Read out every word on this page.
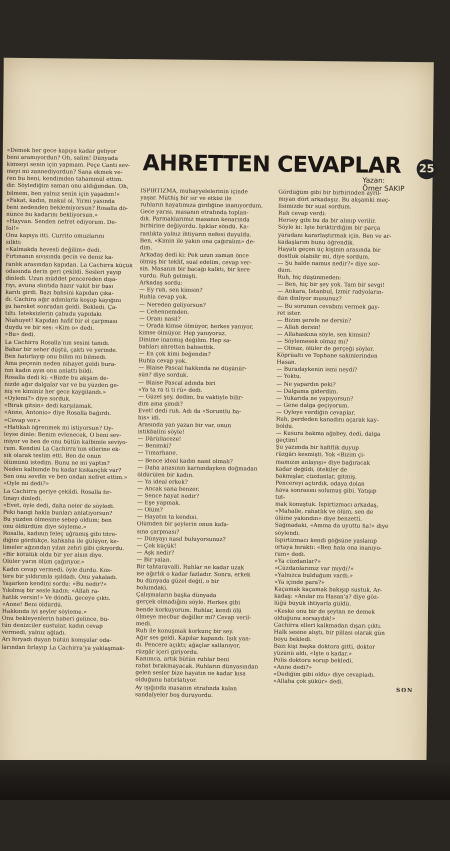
25
AHRETTEN CEVAPLAR
Yazan:
Ömer SAKIP
«Demek her gece kapıya kadar geliyor
beni aramıyordun? Oh, salim! Dünyada
kimseyi senin için yapmam. Peçe Canti sev-
meyi mi zannediyordun? Sana ekmek ve-
ren bu beni, kendimden tahammül ettim.
dir. Söylediğim saman onu aldığımdan. Oh,
bilmem, ben yalnız senin için yaşadım!»
«Fakat, kadın, makul ol. Yirmi yasında
beni nedenden beklemiyorsun? Rosalla dö-
nünce bu kadarını bekliyorsun.»
«Hayvan. Senden nefret ediyorum. De-
fol!»
Onu kapıya itti. Currito omuzlarını
silkti:
«Kalmakda hevesli değilim» dedi.
Fırtınanın sıvısında gecin ve deniz ka-
ranlık arasından kapıdan. La Cachirra küçük
odasında derin geri çekildi. Sesleri yayıp
dinledi. Uzun müddet pencereden dışa-
rıyı, avuna slıntıda hazır vakit bir bası
karıtı girdi. Bazı bahsini kapıdan çıka-
dı. Cachira ağır adımlarla koşup kayığını
şu hareket sonradan geldi. Bekledi. Ça-
tıltı. İsteksizlerin çahudu yapıdakı
Niahuyet! Kapıdan hafif bir el çarpması
duydu ve bir ses: «Kim o» dedi.
«Bu» dedi.
La Cachirra Rosallaʼnın sesini tanıdı.
Bahar bir seher düştü, çaktı ve yerinde.
Ben hatırlayıp onu bilim mi bilmedi.
Ama peçenin neden nihayet geldi bura-
nın kadın ayın onu anlattı bildi.
Rosalla dedi ki: «Bizde bu akşam de-
nizde ağır dalgalar var ve bu yüzden ge-
niş ve kiminiz her gece kaygılandı.»
«Öylemi?» diye sorduk.
«Birak gitsin» dedi karşılamak.
«Anne, Antonio» diye Rosalla bağırdı.
«Cevap ver.»
«Hatikalı öğrenmek mi istiyorsun? Öy-
leyse dinle: Benim evlenecek, O beni sev-
miyor ve ben de onu bütün kalbimle seviyo-
rum. Kendini La Cachirraʼnın ellerine ek-
sik olarak teslim etti. Ben de onun
ölümünü istedim. Bunu ne mi yaptın?
Neden kalbimde bu kadar kıskançlık var?
Sen onu sevdin ve ben ondan nefret ettim.»
«Öyle mi dedi?»
La Cachirra geriye çekildi. Rosalla fır-
tınayı dinledi.
«Evet, öyle dedi, daha neler de söyledi.
Peki hangi hakla bunları anlatıyorsun?
Bu yüzden ölmesine sebep oldum; ben
onu öldürdüm diye söyleme.»
Rosalla, kadının feleç uğramış gibi titre-
diğini gördükçe, kahkaha ile gülüyor, ke-
limeler ağzından yılan zehri gibi çıkıyordu.
«Bir kötülük oldu bir yer alsın diye.
Ölüler yarın ölüm çağırıyor.»
Kadın cevap vermedi, öyle durdu. Kös-
tere bir yıldırımla ışıldadı. Onu yakaladı.
Yaşarken kendini sordu: «Bu nedir?»
Yıkılmış bir sesle kadın: «Allah ra-
hatlık versin!» Ve döndü, geceye çıktı.
«Anne! Beni öldürdü.
Hakkında iyi şeyler söyleme.»
Onu bekleyenlerin haberi gelince, bü-
tün denizciler sustular, kadın cevap
vermedi, yalnız ağladı.
Arı feryadı duyan bütün komşular oda-
larından fırlayıp La Cachirraʼya yaklaşmak-
İSPİRTİZMA, muhayyelelerinin içinde
yaşar. Müthiş bir sır ve etkisi ile
ruhların hayatımıza girdiğine inanıyordum.
Gece yarısı, masanın etrafında toplan-
dık. Parmaklarımız masanın kenarında
birbirine değiyordu. Işıklar söndü. Ka-
ranlıkta yalnız ihtiyarın nefesi duyuldu.
Ben, «Kimin ile yakın ona çağıralım» de-
dim.
Arkadaş dedi ki: Pek uzun zaman önce
ölmüş bir teklif, sual edelim, cevap ver-
sin. Masanın bir bacağı kalktı, bir kere
vurdu. Ruh gelmişti.
Arkadaş sordu:
— Ey ruh, sen kimsin?
Ruhla cevap yok.
— Nereden geliyorsun?
— Cehennemden.
— Oranı nasıl?
— Orada kimse ölmüyor, herkes yanıyor,
kimse ölmüyor. Hep yanıyoruz.
Dinime inanmış değilim. Hep sa-
bahları ahretten bahsettik.
— En çok kimi beğendin?
Ruhla cevap yok.
— Blaise Pascal hakkında ne düşünür-
sün? diye sorduk.
— Blaise Pascal adında biri
«Ya ta ra ti ti rü» dedi.
— Güzel şey, dedim, bu vaktiyle bilir-
dim ama şimdi?
Evet! dedi ruh. Adı da «Soruntlu ba-
his» idi.
Arasında yan yazan bir var, onun
istikbalini söyle!
— Dârüllaceze!
— Benimki?
— Tımarhane.
— Bence ideal kadın nasıl olmalı?
— Daha anasının karnındayken doğmadan
öldürülen bir kadın.
— Ya ideal erkek?
— Ancak sana benzer.
— Sence hayat nedir?
— Eşe yapmak.
— Ölüm?
— Hayatın ta kendisi.
Ölümden bir şeylerin onun kafa-
sına çarpması?
— Dünyayı nasıl buluyorsunuz?
— Çok küçük!
— Aşk nedir?
— Bir yalan.
Bir tahtaravalli. Ruhlar ne kadar uzak
ise ağırlık o kadar fazladır. Sonra, erkek
bu dünyada güzel değil, o bir
bolumdaki.
Çalışmaların başka dünyada
gerçek olmadığını söyle. Herkes gibi
bende korkuyorum. Ruhlar, kendi ölü
ölmeye mecbur değiller mi? Cevap veril-
medi.
Ruh ile konuşmak korkunç bir sey.
Ağır ses geldi. Kapılar kapandı. Işık yan-
dı. Pencere açıktı; ağaçlar sallanıyor,
rüzgâr içeri giriyordu.
Kanımca, artık bütün ruhlar beni
rahat bırakmayacak. Ruhların dünyasından
gelen sesler bize hayatın ne kadar kısa
olduğunu hatırlatıyor.
Ay ışığında masanın etrafında kalan
sandalyeler boş duruyordu.
Gördüğüm gibi bir birbirinden ayrıl-
mıyan dört arkadaşız. Bu akşamki meç-
lisimizde bir sual sordum.
Ruh cevap verdi:
Hersey gibi bu da bir alınıp verilir.
Söyle ki: İşte biriktirdiğim bir parça
yaradanı kararlaştırmak için. Ben ve ar-
kadaşlarım bunu öğrendik.
Hayatı geçen üç kişinin arasında bir
dostluk olabilir mi, diye sordum.
— Şu halde namus nedir?» diye sor-
dum.
Ruh, hiç düşünmeden:
— Ben, hiç bir şey yok. Tam bir sevgi!
— Ankara, İstanbul, İzmir radyoların-
dan dinliyor musunuz?
— Bu sorunun cevabını vermek gay-
ret ister.
— Bizim şerefe ne dersin?
— Allah dersin!
— Allahaskına söyle, sen kimsin?
— Söylemesek olmaz mı?
— Olmaz, ölüler de gerçeği söyler.
Köprüaltı ve Tophane sakinlerinden
Hasan.
— Buradaykenin ismi neydi?
— Yoktu.
— Ne yapardın peki?
— Dalgama giderdim.
— Yukarıda ne yapıyorsun?
— Gene dalga geçiyorum.
— Öyleye verdiğin cevaplar.
Ruh, perdeden kanadını açarak kay-
boldu.
— Kusura bakma ağabey, dedi, dalga
geçtim!
Şu yazımda bir hafiflik duyup
rüzgârı kesmişti. Yok «Bizim çi-
mamızın anlayışı» diye bağıracak
kadar değildi, ötekiler de
bakmışlar, cüzdanlar, gitmiş.
Pencereyi açtırdık, odaya dolan
hava sonrasını solumuş gibi. Yatışıp
tut-
mak konuştuk. İspirtizmacı arkadaş,
«Mahalle, rahatlık ve ölüm, sen de
ölüme yakındın» diye benzetti.
Sağmadaki, «Amma da uyuttu ha!» diye
söylendi.
İspirtizmacı kendi göğsüne yaslanıp
ortaya bıraktı: «Ben hala ona inanıyo-
rum» dedi.
«Ya cüzdanlar?»
«Cüzdanlarımız var mıydı?»
«Yalnızca bulduğum vardı.»
«Ya içinde para?»
Kaçamak kaçamak bakışıp sustuk. Ar-
kadaş: «Anılar mı Hasan'a? diye göz-
lüğü büyük ihtiyarla güldü.
«Keske onu bir de şeytan ne demek
olduğunu sorsaydık!»
Cachirra elleri kalkmadan dışarı çıktı.
Halk sesine alıştı, bir pillası olarak gün
boyu bekledi.
Bazı kişi başka doktora gitti, doktor
yüzünü aldı, «İşte o kadar.»
Polis doktoru sorup bekledi.
«Anne dedi?»
«Dediğim gibi oldu» diye cevapladı.
«Allaha çok şükür» dedi.
SON
